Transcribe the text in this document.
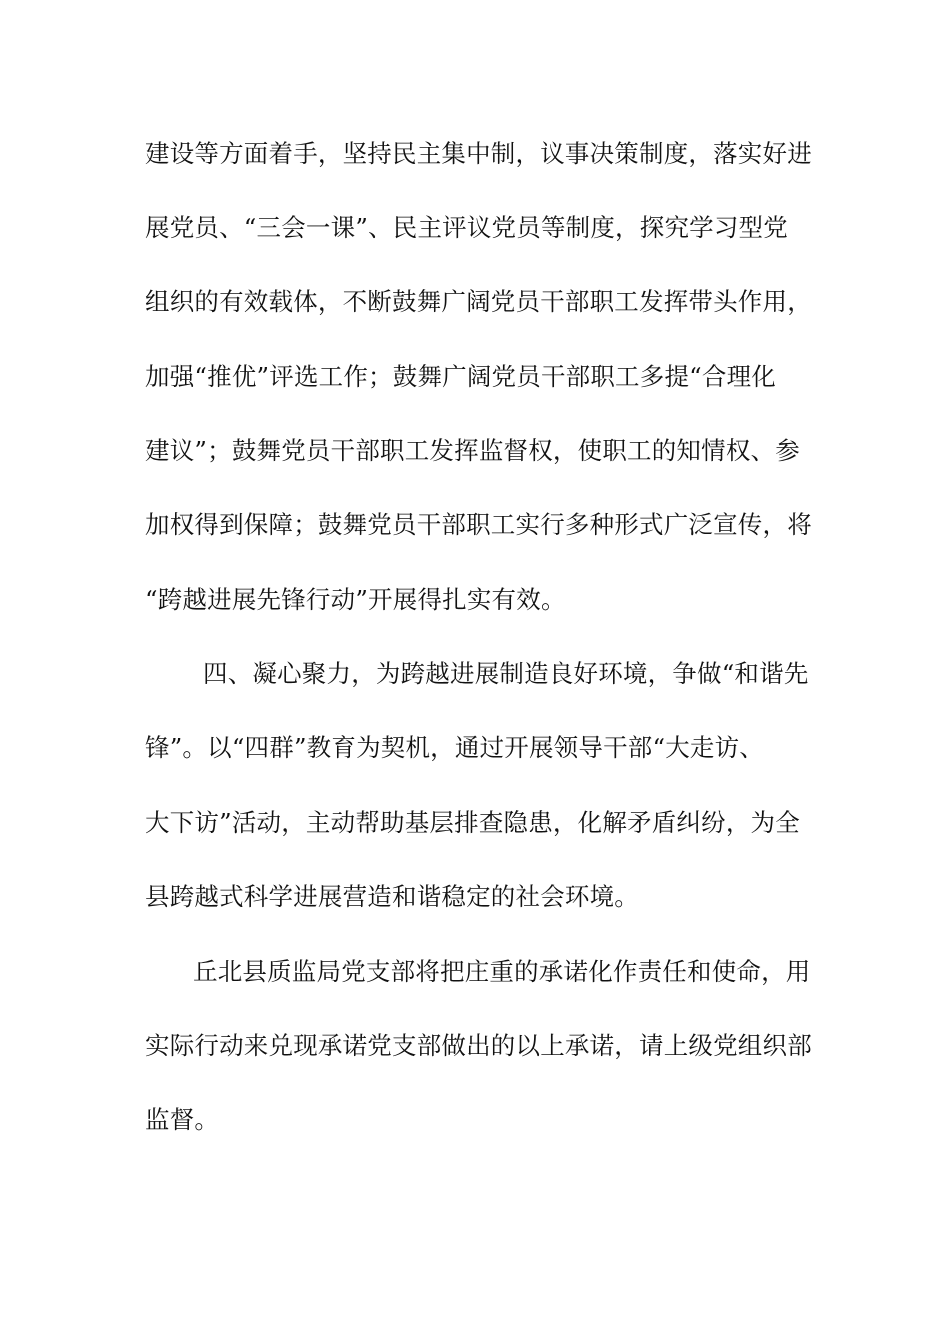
建设等方面着手，坚持民主集中制，议事决策制度，落实好进
展党员、“三会一课”、民主评议党员等制度，探究学习型党
组织的有效载体，不断鼓舞广阔党员干部职工发挥带头作用，
加强“推优”评选工作；鼓舞广阔党员干部职工多提“合理化
建议”；鼓舞党员干部职工发挥监督权，使职工的知情权、参
加权得到保障；鼓舞党员干部职工实行多种形式广泛宣传，将
“跨越进展先锋行动”开展得扎实有效。
四、凝心聚力，为跨越进展制造良好环境，争做“和谐先
锋”。以“四群”教育为契机，通过开展领导干部“大走访、
大下访”活动，主动帮助基层排查隐患，化解矛盾纠纷，为全
县跨越式科学进展营造和谐稳定的社会环境。
丘北县质监局党支部将把庄重的承诺化作责任和使命，用
实际行动来兑现承诺党支部做出的以上承诺，请上级党组织部
监督。
